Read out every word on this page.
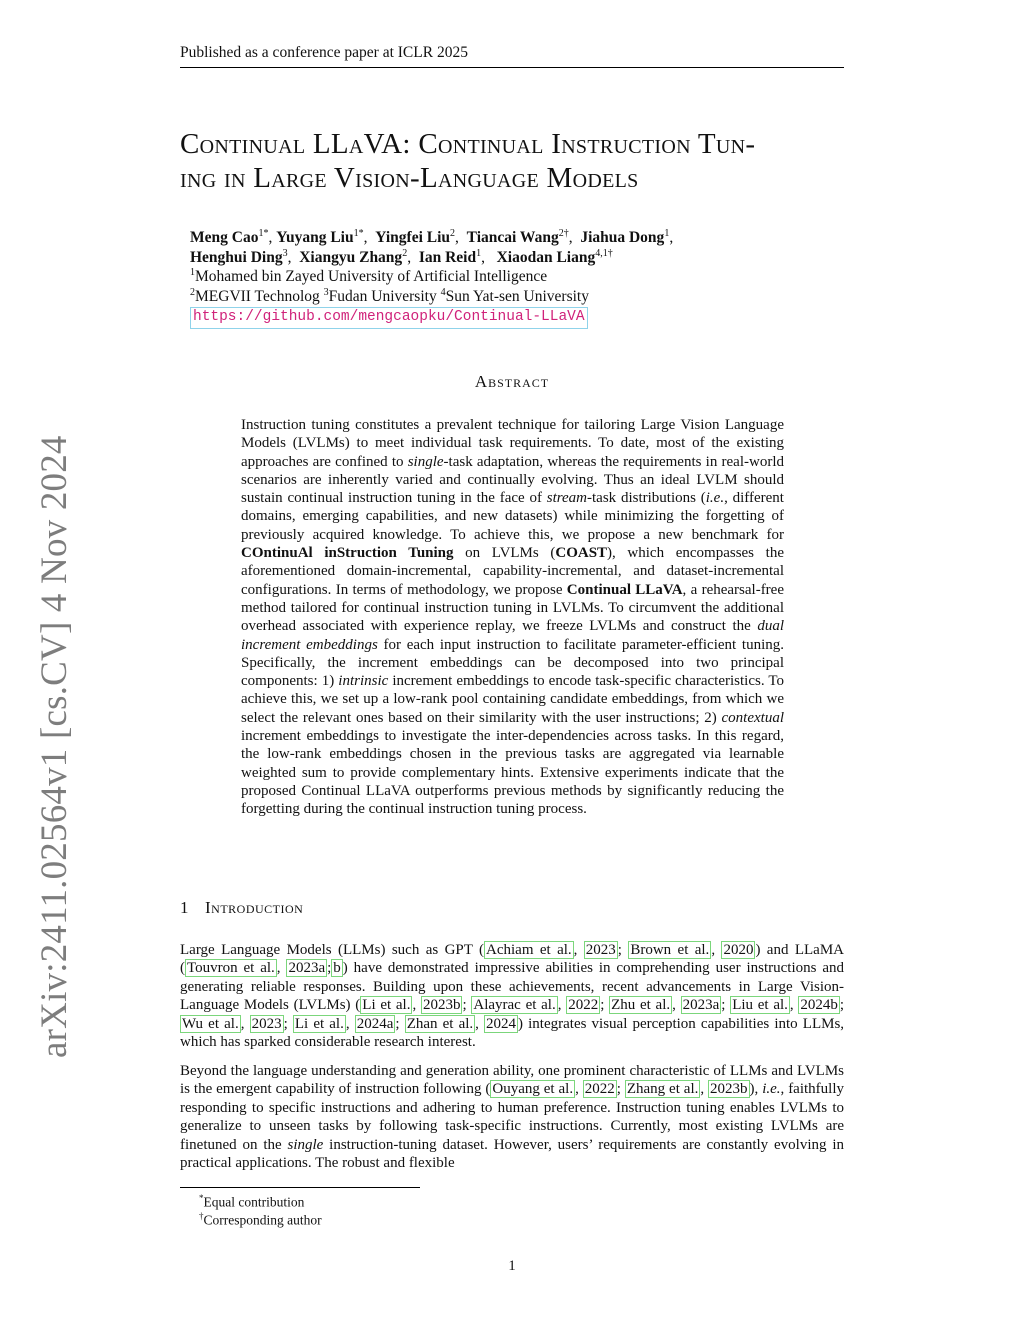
Published as a conference paper at ICLR 2025
arXiv:2411.02564v1 [cs.CV] 4 Nov 2024
Continual LLaVA: Continual Instruction Tun-
ing in Large Vision-Language Models
Meng Cao$^{1*}$, Yuyang Liu$^{1*}$,  Yingfei Liu$^2$,  Tiancai Wang$^{2\dagger}$,  Jiahua Dong$^1$,
Henghui Ding$^3$,  Xiangyu Zhang$^2$,  Ian Reid$^1$,   Xiaodan Liang$^{4,1\dagger}$
$^1$Mohamed bin Zayed University of Artificial Intelligence
$^2$MEGVII Technolog $^3$Fudan University $^4$Sun Yat-sen University
https://github.com/mengcaopku/Continual-LLaVA
Abstract
Instruction tuning constitutes a prevalent technique for tailoring Large Vision Language Models (LVLMs) to meet individual task requirements. To date, most of the existing approaches are confined to single-task adaptation, whereas the requirements in real-world scenarios are inherently varied and continually evolving. Thus an ideal LVLM should sustain continual instruction tuning in the face of stream-task distributions (i.e., different domains, emerging capabilities, and new datasets) while minimizing the forgetting of previously acquired knowledge. To achieve this, we propose a new benchmark for COntinuAl inStruction Tuning on LVLMs (COAST), which encompasses the aforementioned domain-incremental, capability-incremental, and dataset-incremental configurations. In terms of methodology, we propose Continual LLaVA, a rehearsal-free method tailored for continual instruction tuning in LVLMs. To circumvent the additional overhead associated with experience replay, we freeze LVLMs and construct the dual increment embeddings for each input instruction to facilitate parameter-efficient tuning. Specifically, the increment embeddings can be decomposed into two principal components: 1) intrinsic increment embeddings to encode task-specific characteristics. To achieve this, we set up a low-rank pool containing candidate embeddings, from which we select the relevant ones based on their similarity with the user instructions; 2) contextual increment embeddings to investigate the inter-dependencies across tasks. In this regard, the low-rank embeddings chosen in the previous tasks are aggregated via learnable weighted sum to provide complementary hints. Extensive experiments indicate that the proposed Continual LLaVA outperforms previous methods by significantly reducing the forgetting during the continual instruction tuning process.
1 Introduction
Large Language Models (LLMs) such as GPT ( Achiam et al. , 2023 ; Brown et al. , 2020 ) and LLaMA ( Touvron et al. , 2023a ; b ) have demonstrated impressive abilities in comprehending user instructions and generating reliable responses. Building upon these achievements, recent advancements in Large Vision-Language Models (LVLMs) ( Li et al. , 2023b ; Alayrac et al. , 2022 ; Zhu et al. , 2023a ; Liu et al. , 2024b ; Wu et al. , 2023 ; Li et al. , 2024a ; Zhan et al. , 2024 ) integrates visual perception capabilities into LLMs, which has sparked considerable research interest.
Beyond the language understanding and generation ability, one prominent characteristic of LLMs and LVLMs is the emergent capability of instruction following ( Ouyang et al. , 2022 ; Zhang et al. , 2023b ), i.e., faithfully responding to specific instructions and adhering to human preference. Instruction tuning enables LVLMs to generalize to unseen tasks by following task-specific instructions. Currently, most existing LVLMs are finetuned on the single instruction-tuning dataset. However, users’ requirements are constantly evolving in practical applications. The robust and flexible
*Equal contribution
†Corresponding author
1
